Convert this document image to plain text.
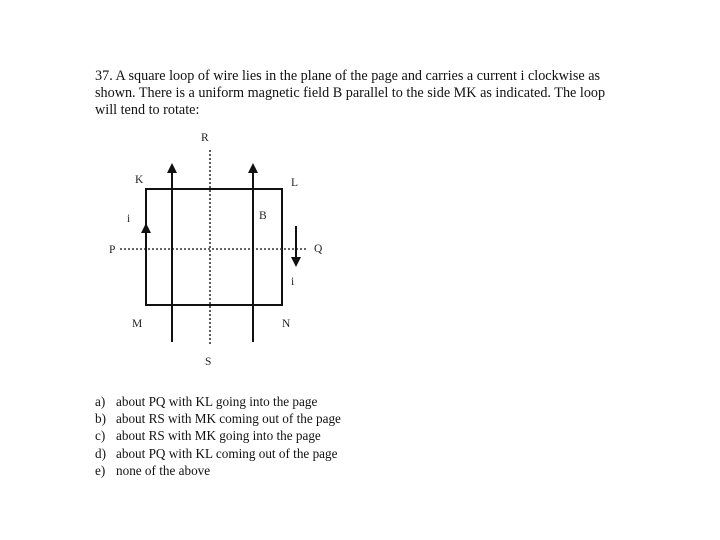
37. A square loop of wire lies in the plane of the page and carries a current i clockwise as
shown. There is a uniform magnetic field B parallel to the side MK as indicated. The loop
will tend to rotate:

R
S
K	L
M	N
P	Q
B
i
i
a) about PQ with KL going into the page
b) about RS with MK coming out of the page
c) about RS with MK going into the page
d) about PQ with KL coming out of the page
e) none of the above
